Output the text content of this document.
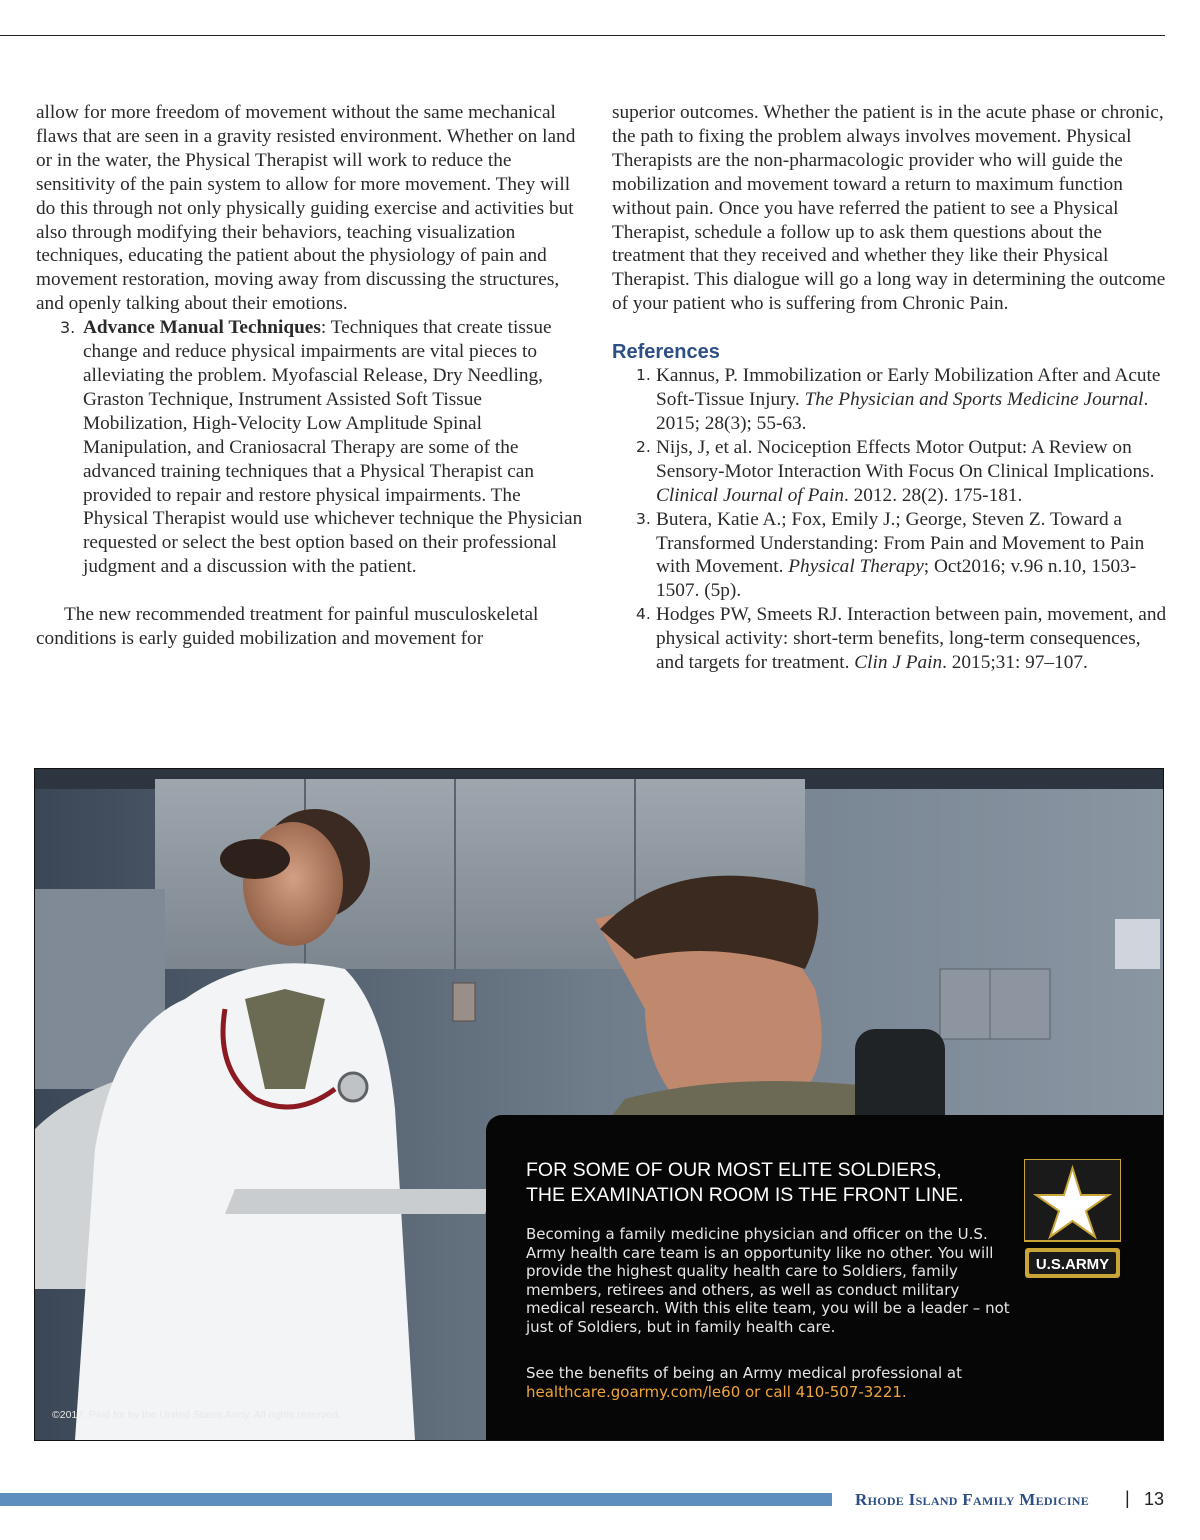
allow for more freedom of movement without the same mechanical flaws that are seen in a gravity resisted environment. Whether on land or in the water, the Physical Therapist will work to reduce the sensitivity of the pain system to allow for more movement. They will do this through not only physically guiding exercise and activities but also through modifying their behaviors, teaching visualization techniques, educating the patient about the physiology of pain and movement restoration, moving away from discussing the structures, and openly talking about their emotions.

3. Advance Manual Techniques: Techniques that create tissue change and reduce physical impairments are vital pieces to alleviating the problem. Myofascial Release, Dry Needling, Graston Technique, Instrument Assisted Soft Tissue Mobilization, High-Velocity Low Amplitude Spinal Manipulation, and Craniosacral Therapy are some of the advanced training techniques that a Physical Therapist can provided to repair and restore physical impairments. The Physical Therapist would use whichever technique the Physician requested or select the best option based on their professional judgment and a discussion with the patient.

The new recommended treatment for painful musculoskeletal conditions is early guided mobilization and movement for

superior outcomes. Whether the patient is in the acute phase or chronic, the path to fixing the problem always involves movement. Physical Therapists are the non-pharmacologic provider who will guide the mobilization and movement toward a return to maximum function without pain. Once you have referred the patient to see a Physical Therapist, schedule a follow up to ask them questions about the treatment that they received and whether they like their Physical Therapist. This dialogue will go a long way in determining the outcome of your patient who is suffering from Chronic Pain.

References
1. Kannus, P. Immobilization or Early Mobilization After and Acute Soft-Tissue Injury. The Physician and Sports Medicine Journal. 2015; 28(3); 55-63.
2. Nijs, J, et al. Nociception Effects Motor Output: A Review on Sensory-Motor Interaction With Focus On Clinical Implications. Clinical Journal of Pain. 2012. 28(2). 175-181.
3. Butera, Katie A.; Fox, Emily J.; George, Steven Z. Toward a Transformed Understanding: From Pain and Movement to Pain with Movement. Physical Therapy; Oct2016; v.96 n.10, 1503-1507. (5p).
4. Hodges PW, Smeets RJ. Interaction between pain, movement, and physical activity: short-term benefits, long-term consequences, and targets for treatment. Clin J Pain. 2015;31: 97–107.
FOR SOME OF OUR MOST ELITE SOLDIERS,
THE EXAMINATION ROOM IS THE FRONT LINE.
Becoming a family medicine physician and officer on the U.S. Army health care team is an opportunity like no other. You will provide the highest quality health care to Soldiers, family members, retirees and others, as well as conduct military medical research. With this elite team, you will be a leader – not just of Soldiers, but in family health care.
See the benefits of being an Army medical professional at healthcare.goarmy.com/le60 or call 410-507-3221.
U.S.ARMY
©2017. Paid for by the United States Army. All rights reserved.
Rhode Island Family Medicine | 13
